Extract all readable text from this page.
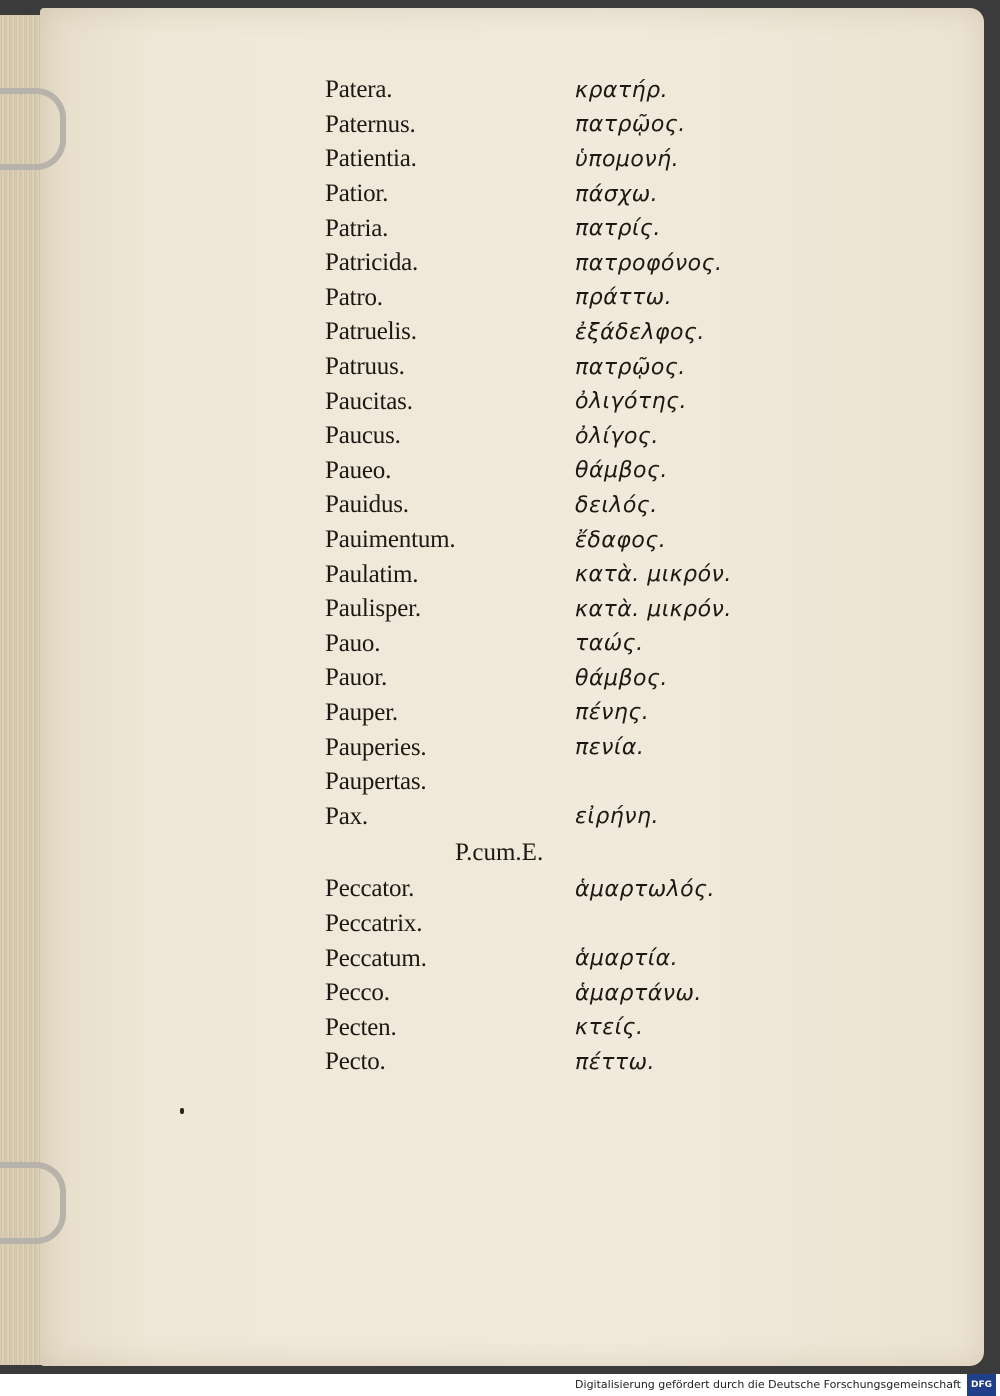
Patera.	κρατήρ.
Paternus.	πατρῷος.
Patientia.	ὑπομονή.
Patior.	πάσχω.
Patria.	πατρίς.
Patricida.	πατροφόνος.
Patro.	πράττω.
Patruelis.	ἐξάδελφος.
Patruus.	πατρῷος.
Paucitas.	ὀλιγότης.
Paucus.	ὀλίγος.
Paueo.	θάμβος.
Pauidus.	δειλός.
Pauimentum.	ἔδαφος.
Paulatim.	κατὰ. μικρόν.
Paulisper.	κατὰ. μικρόν.
Pauo.	ταώς.
Pauor.	θάμβος.
Pauper.	πένης.
Pauperies.	πενία.
Paupertas.
Pax.	εἰρήνη.
P.cum.E.
Peccator.	ἁμαρτωλός.
Peccatrix.
Peccatum.	ἁμαρτία.
Pecco.	ἁμαρτάνω.
Pecten.	κτείς.
Pecto.	πέττω.
Digitalisierung gefördert durch die Deutsche Forschungsgemeinschaft DFG
